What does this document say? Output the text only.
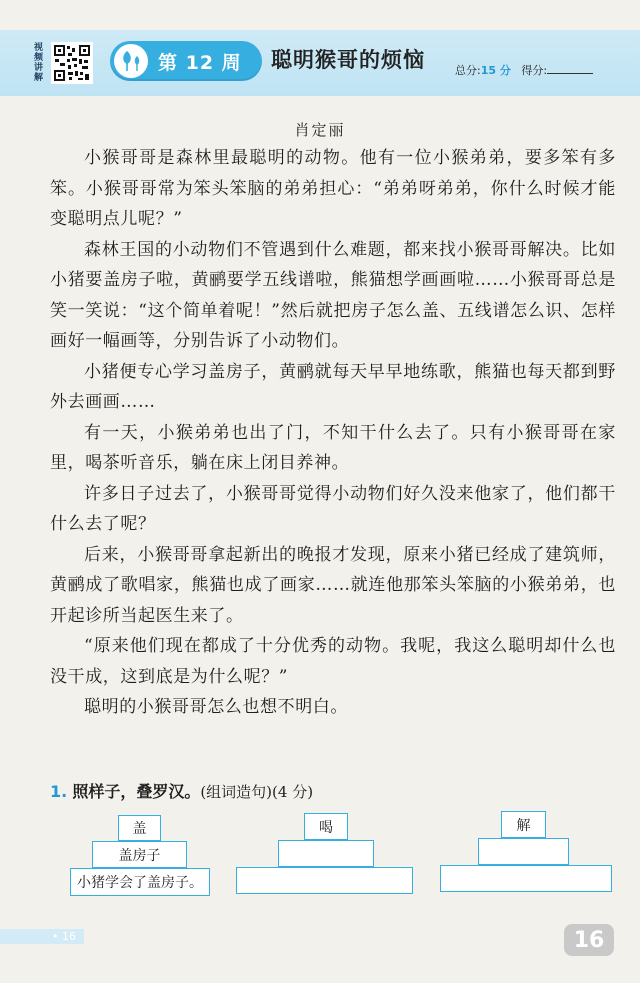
视频讲解
第 12 周 聪明猴哥的烦恼	总分:15 分 得分:
肖定丽

小猴哥哥是森林里最聪明的动物。他有一位小猴弟弟，要多笨有多笨。小猴哥哥常为笨头笨脑的弟弟担心：“弟弟呀弟弟，你什么时候才能变聪明点儿呢？”

森林王国的小动物们不管遇到什么难题，都来找小猴哥哥解决。比如小猪要盖房子啦，黄鹂要学五线谱啦，熊猫想学画画啦……小猴哥哥总是笑一笑说：“这个简单着呢！”然后就把房子怎么盖、五线谱怎么识、怎样画好一幅画等，分别告诉了小动物们。

小猪便专心学习盖房子，黄鹂就每天早早地练歌，熊猫也每天都到野外去画画……

有一天，小猴弟弟也出了门，不知干什么去了。只有小猴哥哥在家里，喝茶听音乐，躺在床上闭目养神。

许多日子过去了，小猴哥哥觉得小动物们好久没来他家了，他们都干什么去了呢？

后来，小猴哥哥拿起新出的晚报才发现，原来小猪已经成了建筑师，黄鹂成了歌唱家，熊猫也成了画家……就连他那笨头笨脑的小猴弟弟，也开起诊所当起医生来了。

“原来他们现在都成了十分优秀的动物。我呢，我这么聪明却什么也没干成，这到底是为什么呢？”

聪明的小猴哥哥怎么也想不明白。

1. 照样子，叠罗汉。(组词造句)(4 分)
盖
盖房子
小猪学会了盖房子。
喝	解
• 16	16
